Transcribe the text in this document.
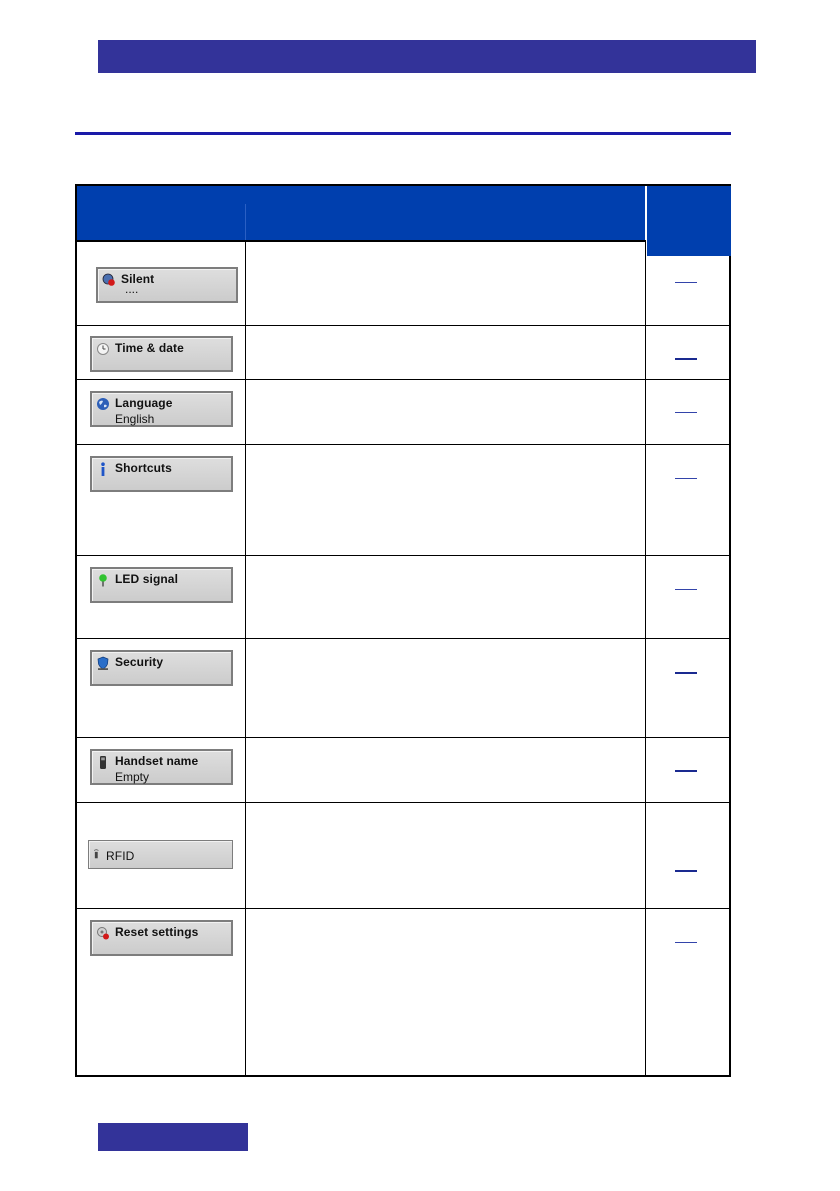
Silent
....
Time & date
Language
English
Shortcuts
LED signal
Security
Handset name
Empty
RFID
Reset settings
